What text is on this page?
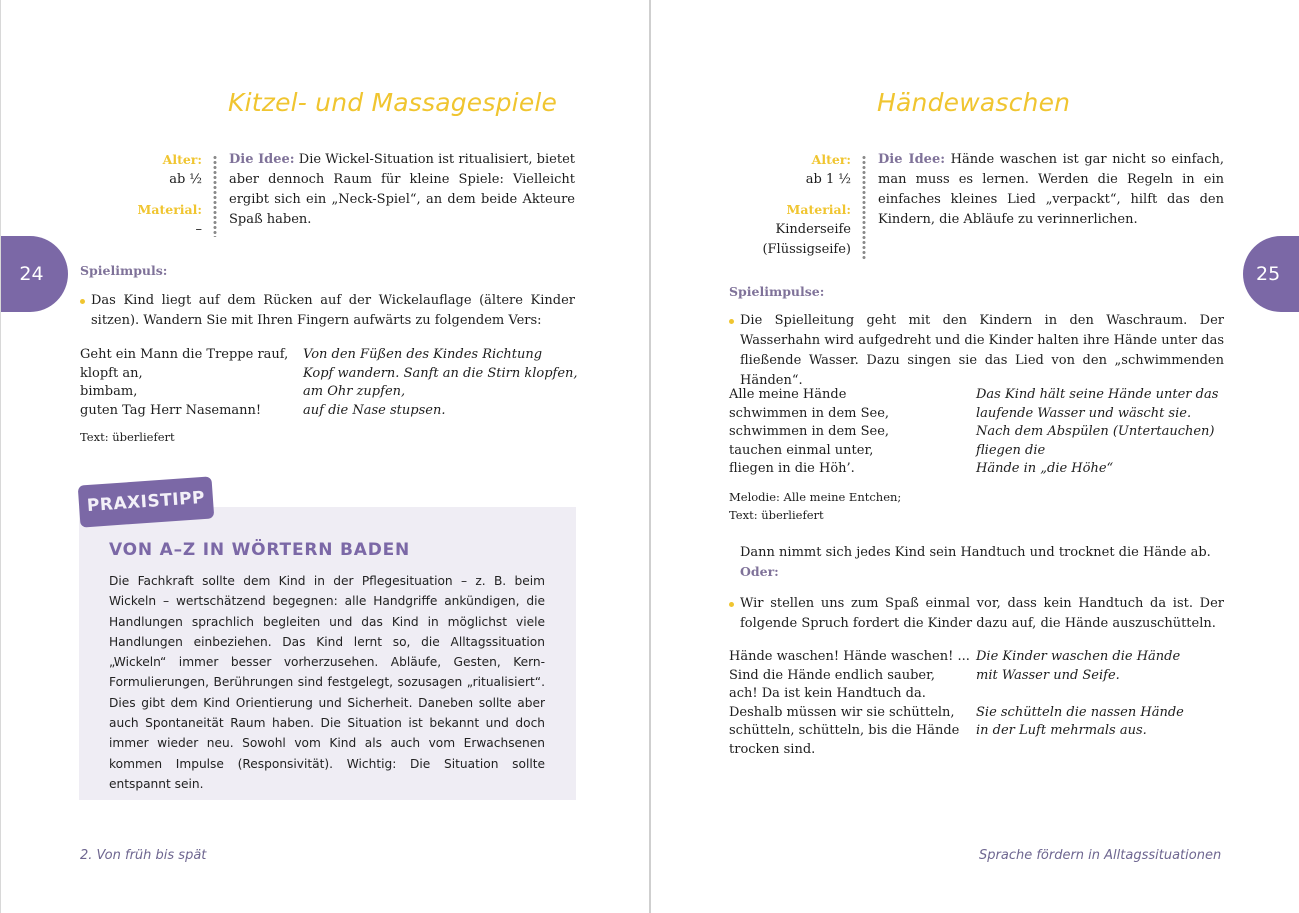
24
Kitzel- und Massagespiele
Alter:
ab ½
Material:
–
Die Idee: Die Wickel-Situation ist ritualisiert, bietet aber dennoch Raum für kleine Spiele: Vielleicht ergibt sich ein „Neck-Spiel“, an dem beide Akteure Spaß haben.
Spielimpuls:
Das Kind liegt auf dem Rücken auf der Wickelauflage (ältere Kinder sitzen). Wandern Sie mit Ihren Fingern aufwärts zu folgendem Vers:
Geht ein Mann die Treppe rauf,
klopft an,
bimbam,
guten Tag Herr Nasemann!
Von den Füßen des Kindes Richtung
Kopf wandern. Sanft an die Stirn klopfen,
am Ohr zupfen,
auf die Nase stupsen.
Text: überliefert
PRAXISTIPP
VON A–Z IN WÖRTERN BADEN
Die Fachkraft sollte dem Kind in der Pflegesituation – z. B. beim Wickeln – wertschätzend begegnen: alle Handgriffe ankündigen, die Handlungen sprachlich begleiten und das Kind in möglichst viele Handlungen einbeziehen. Das Kind lernt so, die Alltagssituation „Wickeln“ immer besser vorherzusehen. Abläufe, Gesten, Kern-Formulierungen, Berührungen sind festgelegt, sozusagen „ritualisiert“. Dies gibt dem Kind Orientierung und Sicherheit. Daneben sollte aber auch Spontaneität Raum haben. Die Situation ist bekannt und doch immer wieder neu. Sowohl vom Kind als auch vom Erwachsenen kommen Impulse (Responsivität). Wichtig: Die Situation sollte entspannt sein.
2. Von früh bis spät
Händewaschen
Alter:
ab 1 ½
Material:
Kinderseife
(Flüssigseife)
Die Idee: Hände waschen ist gar nicht so einfach, man muss es lernen. Werden die Regeln in ein einfaches kleines Lied „verpackt“, hilft das den Kindern, die Abläufe zu verinnerlichen.
Spielimpulse:
Die Spielleitung geht mit den Kindern in den Waschraum. Der Wasserhahn wird aufgedreht und die Kinder halten ihre Hände unter das fließende Wasser. Dazu singen sie das Lied von den „schwimmenden Händen“.
Alle meine Hände
schwimmen in dem See,
schwimmen in dem See,
tauchen einmal unter,
fliegen in die Höh’.
Das Kind hält seine Hände unter das
laufende Wasser und wäscht sie.
Nach dem Abspülen (Untertauchen)
fliegen die
Hände in „die Höhe“
Melodie: Alle meine Entchen;
Text: überliefert
Dann nimmt sich jedes Kind sein Handtuch und trocknet die Hände ab.
Oder:
Wir stellen uns zum Spaß einmal vor, dass kein Handtuch da ist. Der folgende Spruch fordert die Kinder dazu auf, die Hände auszuschütteln.
Hände waschen! Hände waschen! ...
Sind die Hände endlich sauber,
ach! Da ist kein Handtuch da.
Deshalb müssen wir sie schütteln,
schütteln, schütteln, bis die Hände
trocken sind.
Die Kinder waschen die Hände
mit Wasser und Seife.
Sie schütteln die nassen Hände
in der Luft mehrmals aus.
Sprache fördern in Alltagssituationen
25
